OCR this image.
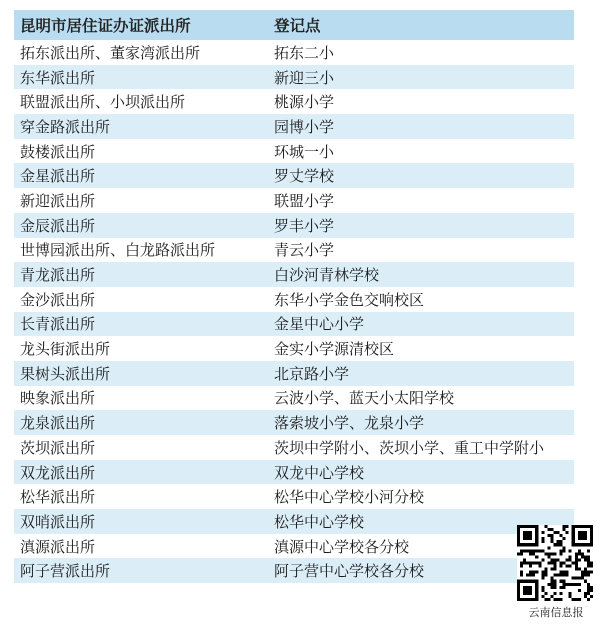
昆明市居住证办证派出所	登记点
拓东派出所、董家湾派出所	拓东二小
东华派出所	新迎三小
联盟派出所、小坝派出所	桃源小学
穿金路派出所	园博小学
鼓楼派出所	环城一小
金星派出所	罗丈学校
新迎派出所	联盟小学
金辰派出所	罗丰小学
世博园派出所、白龙路派出所	青云小学
青龙派出所	白沙河青林学校
金沙派出所	东华小学金色交响校区
长青派出所	金星中心小学
龙头街派出所	金实小学源清校区
果树头派出所	北京路小学
映象派出所	云波小学、蓝天小太阳学校
龙泉派出所	落索坡小学、龙泉小学
茨坝派出所	茨坝中学附小、茨坝小学、重工中学附小
双龙派出所	双龙中心学校
松华派出所	松华中心学校小河分校
双哨派出所	松华中心学校
滇源派出所	滇源中心学校各分校
阿子营派出所	阿子营中心学校各分校
云南信息报
